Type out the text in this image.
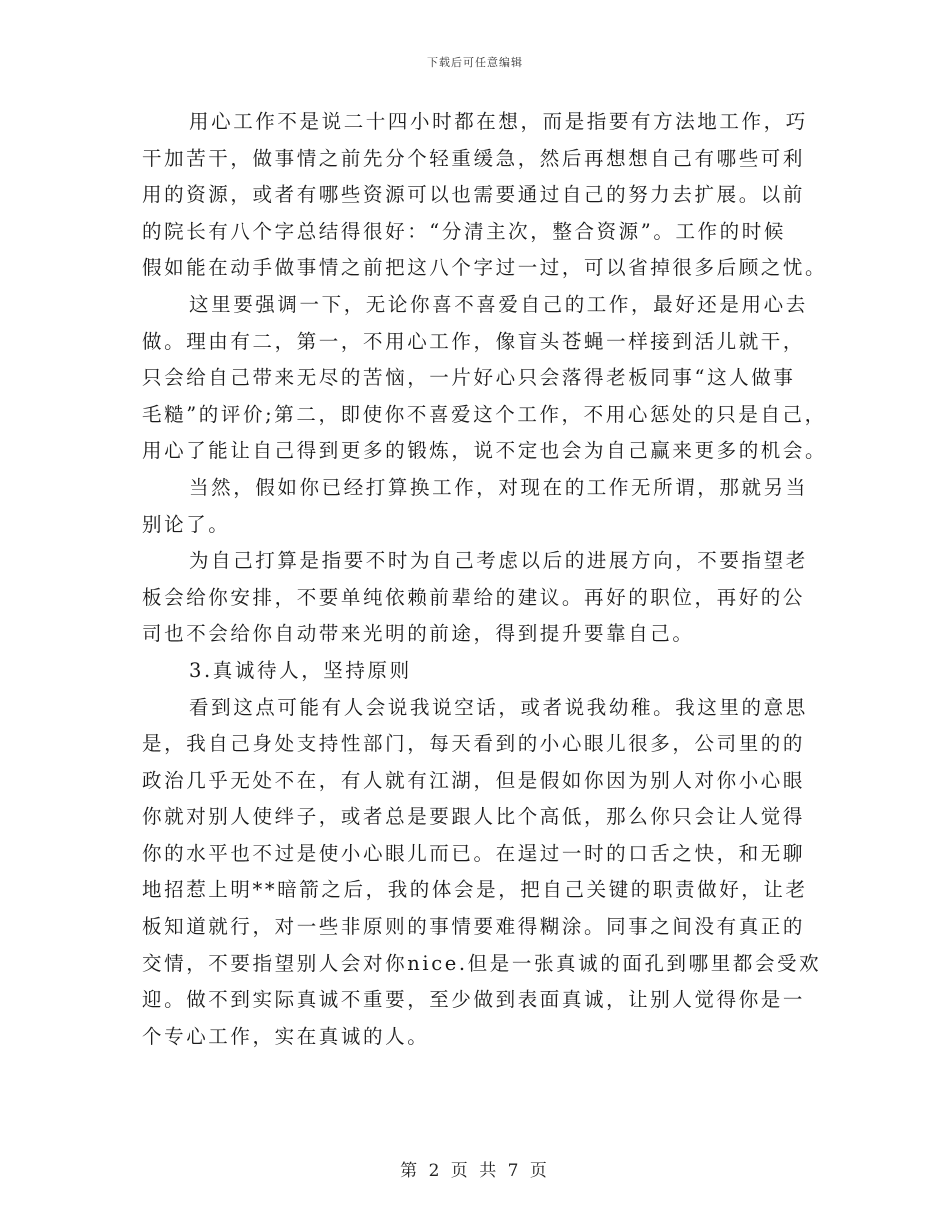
下载后可任意编辑
用心工作不是说二十四小时都在想，而是指要有方法地工作，巧
干加苦干，做事情之前先分个轻重缓急，然后再想想自己有哪些可利
用的资源，或者有哪些资源可以也需要通过自己的努力去扩展。以前
的院长有八个字总结得很好：“分清主次，整合资源”。工作的时候
假如能在动手做事情之前把这八个字过一过，可以省掉很多后顾之忧。
这里要强调一下，无论你喜不喜爱自己的工作，最好还是用心去
做。理由有二，第一，不用心工作，像盲头苍蝇一样接到活儿就干，
只会给自己带来无尽的苦恼，一片好心只会落得老板同事“这人做事
毛糙”的评价;第二，即使你不喜爱这个工作，不用心惩处的只是自己，
用心了能让自己得到更多的锻炼，说不定也会为自己赢来更多的机会。
当然，假如你已经打算换工作，对现在的工作无所谓，那就另当
别论了。
为自己打算是指要不时为自己考虑以后的进展方向，不要指望老
板会给你安排，不要单纯依赖前辈给的建议。再好的职位，再好的公
司也不会给你自动带来光明的前途，得到提升要靠自己。
3.真诚待人，坚持原则
看到这点可能有人会说我说空话，或者说我幼稚。我这里的意思
是，我自己身处支持性部门，每天看到的小心眼儿很多，公司里的的
政治几乎无处不在，有人就有江湖，但是假如你因为别人对你小心眼
你就对别人使绊子，或者总是要跟人比个高低，那么你只会让人觉得
你的水平也不过是使小心眼儿而已。在逞过一时的口舌之快，和无聊
地招惹上明**暗箭之后，我的体会是，把自己关键的职责做好，让老
板知道就行，对一些非原则的事情要难得糊涂。同事之间没有真正的
交情，不要指望别人会对你nice.但是一张真诚的面孔到哪里都会受欢
迎。做不到实际真诚不重要，至少做到表面真诚，让别人觉得你是一
个专心工作，实在真诚的人。
第 2 页 共 7 页
